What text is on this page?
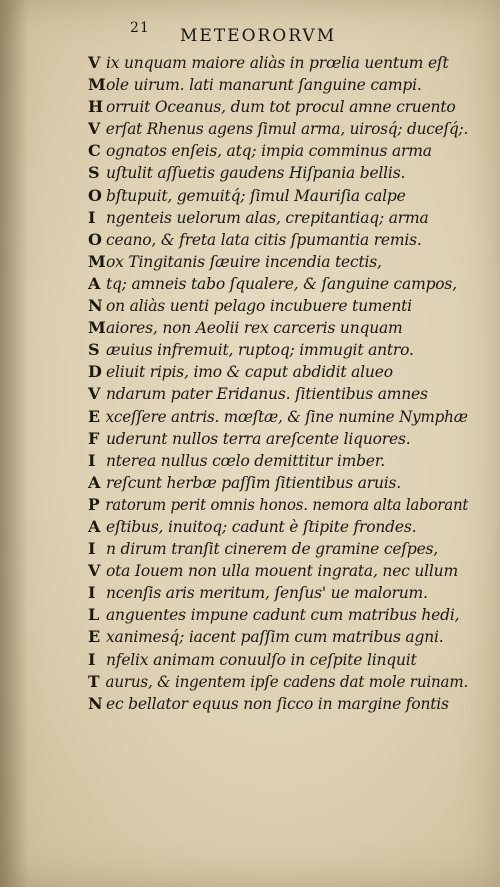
21 METEORORVM
V ix unquam maiore aliàs in prœlia uentum eſt
Mole uirum. lati manarunt ſanguine campi.
H orruit Oceanus, dum tot procul amne cruento
V erſat Rhenus agens ſimul arma, uirosq́; duceſq́;.
C ognatos enſeis, atq; impia comminus arma
S uſtulit aſſuetis gaudens Hiſpania bellis.
O bſtupuit, gemuitq́; ſimul Mauriſia calpe
I ngenteis uelorum alas, crepitantiaq; arma
O ceano, & freta lata citis ſpumantia remis.
Mox Tingitanis ſæuire incendia tectis,
A tq; amneis tabo ſqualere, & ſanguine campos,
N on aliàs uenti pelago incubuere tumenti
Maiores, non Aeolii rex carceris unquam
S æuius infremuit, ruptoq; immugit antro.
D eliuit ripis, imo & caput abdidit alueo
V ndarum pater Eridanus. ſitientibus amnes
E xceſſere antris. mœſtæ, & ſine numine Nymphæ
F uderunt nullos terra areſcente liquores.
I nterea nullus cœlo demittitur imber.
A reſcunt herbæ paſſim ſitientibus aruis.
P ratorum perit omnis honos. nemora alta laborant
A eſtibus, inuitoq; cadunt è ſtipite frondes.
I n dirum tranſit cinerem de gramine ceſpes,
V ota Iouem non ulla mouent ingrata, nec ullum
I ncenſis aris meritum, ſenſus' ue malorum.
L anguentes impune cadunt cum matribus hedi,
E xanimesq́; iacent paſſim cum matribus agni.
I nfelix animam conuulſo in ceſpite linquit
T aurus, & ingentem ipſe cadens dat mole ruinam.
N ec bellator equus non ſicco in margine fontis
